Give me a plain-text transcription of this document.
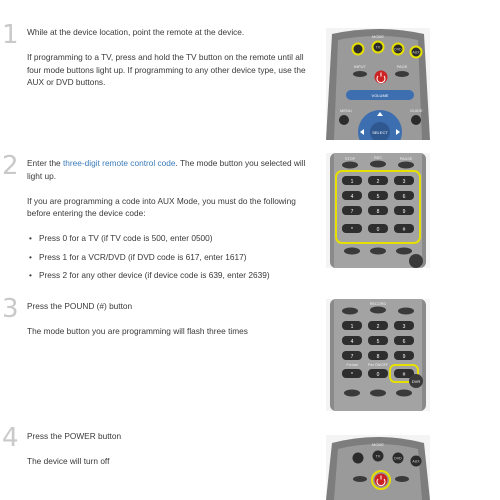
1 While at the device location, point the remote at the device.

If programming to a TV, press and hold the TV button on the remote until all four mode buttons light up. If programming to any other device type, use the AUX or DVD buttons.

MODE
TV	DVD
AUX
INPUT	PAGE
VOLUME
MENU	GUIDE
SELECT
2 Enter the three-digit remote control code. The mode button you selected will light up.

If you are programming a code into AUX Mode, you must do the following before entering the device code:

• Press 0 for a TV (if TV code is 500, enter 0500)
• Press 1 for a VCR/DVD (if DVD code is 617, enter 1617)
• Press 2 for any other device (if device code is 639, enter 2639)
STOP	REC	PAUSE
1	2	3
4	5	6
7	8	9
*	0	#
3 Press the POUND (#) button

The mode button you are programming will flash three times

RECORD
1	2	3
4	5	6
7	8	9
*	0
Format	Pwr ON/OFF
#
DVR
4 Press the POWER button

The device will turn off

MODE
TV	DVD
AUX
